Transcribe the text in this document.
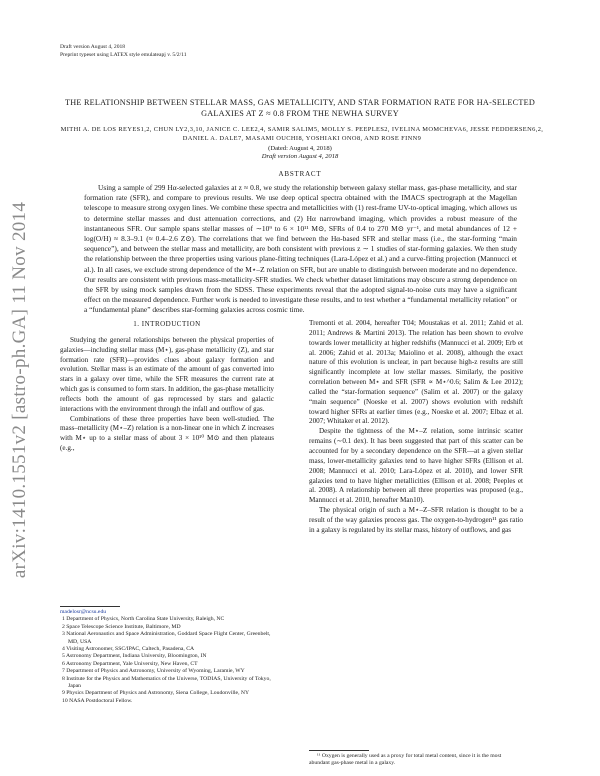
Draft version August 4, 2018
Preprint typeset using LATEX style emulateapj v. 5/2/11
arXiv:1410.1551v2 [astro-ph.GA] 11 Nov 2014
THE RELATIONSHIP BETWEEN STELLAR MASS, GAS METALLICITY, AND STAR FORMATION RATE FOR HΑ-SELECTED GALAXIES AT Z ≈ 0.8 FROM THE NEWHΑ SURVEY
MITHI A. DE LOS REYES1,2, CHUN LY2,3,10, JANICE C. LEE2,4, SAMIR SALIM5, MOLLY S. PEEPLES2, IVELINA MOMCHEVA6, JESSE FEDDERSEN6,2, DANIEL A. DALE7, MASAMI OUCHI8, YOSHIAKI ONO8, AND ROSE FINN9
(Dated: August 4, 2018)
Draft version August 4, 2018
ABSTRACT
Using a sample of 299 Hα-selected galaxies at z ≈ 0.8, we study the relationship between galaxy stellar mass, gas-phase metallicity, and star formation rate (SFR), and compare to previous results. We use deep optical spectra obtained with the IMACS spectrograph at the Magellan telescope to measure strong oxygen lines. We combine these spectra and metallicities with (1) rest-frame UV-to-optical imaging, which allows us to determine stellar masses and dust attenuation corrections, and (2) Hα narrowband imaging, which provides a robust measure of the instantaneous SFR. Our sample spans stellar masses of ∼10⁹ to 6 × 10¹¹ M⊙, SFRs of 0.4 to 270 M⊙ yr⁻¹, and metal abundances of 12 + log(O/H) ≈ 8.3–9.1 (≈ 0.4–2.6 Z⊙). The correlations that we find between the Hα-based SFR and stellar mass (i.e., the star-forming “main sequence”), and between the stellar mass and metallicity, are both consistent with previous z ∼ 1 studies of star-forming galaxies. We then study the relationship between the three properties using various plane-fitting techniques (Lara-López et al.) and a curve-fitting projection (Mannucci et al.). In all cases, we exclude strong dependence of the M⋆–Z relation on SFR, but are unable to distinguish between moderate and no dependence. Our results are consistent with previous mass-metallicity-SFR studies. We check whether dataset limitations may obscure a strong dependence on the SFR by using mock samples drawn from the SDSS. These experiments reveal that the adopted signal-to-noise cuts may have a significant effect on the measured dependence. Further work is needed to investigate these results, and to test whether a “fundamental metallicity relation” or a “fundamental plane” describes star-forming galaxies across cosmic time.
1. INTRODUCTION

Studying the general relationships between the physical properties of galaxies—including stellar mass (M⋆), gas-phase metallicity (Z), and star formation rate (SFR)—provides clues about galaxy formation and evolution. Stellar mass is an estimate of the amount of gas converted into stars in a galaxy over time, while the SFR measures the current rate at which gas is consumed to form stars. In addition, the gas-phase metallicity reflects both the amount of gas reprocessed by stars and galactic interactions with the environment through the infall and outflow of gas.

Combinations of these three properties have been well-studied. The mass–metallicity (M⋆–Z) relation is a non-linear one in which Z increases with M⋆ up to a stellar mass of about 3 × 10¹⁰ M⊙ and then plateaus (e.g.,

madelosr@ncsu.edu
1 Department of Physics, North Carolina State University, Raleigh, NC
2 Space Telescope Science Institute, Baltimore, MD
3 National Aeronautics and Space Administration, Goddard Space Flight Center, Greenbelt, MD, USA
4 Visiting Astronomer, SSC/IPAC, Caltech, Pasadena, CA
5 Astronomy Department, Indiana University, Bloomington, IN
6 Astronomy Department, Yale University, New Haven, CT
7 Department of Physics and Astronomy, University of Wyoming, Laramie, WY
8 Institute for the Physics and Mathematics of the Universe, TODIAS, University of Tokyo, Japan
9 Physics Department of Physics and Astronomy, Siena College, Loudonville, NY
10 NASA Postdoctoral Fellow.

Tremonti et al. 2004, hereafter T04; Moustakas et al. 2011; Zahid et al. 2011; Andrews & Martini 2013). The relation has been shown to evolve towards lower metallicity at higher redshifts (Mannucci et al. 2009; Erb et al. 2006; Zahid et al. 2013a; Maiolino et al. 2008), although the exact nature of this evolution is unclear, in part because high-z results are still significantly incomplete at low stellar masses. Similarly, the positive correlation between M⋆ and SFR (SFR ∝ M⋆^0.6; Salim & Lee 2012); called the “star-formation sequence” (Salim et al. 2007) or the galaxy “main sequence” (Noeske et al. 2007) shows evolution with redshift toward higher SFRs at earlier times (e.g., Noeske et al. 2007; Elbaz et al. 2007; Whitaker et al. 2012).

Despite the tightness of the M⋆–Z relation, some intrinsic scatter remains (∼0.1 dex). It has been suggested that part of this scatter can be accounted for by a secondary dependence on the SFR—at a given stellar mass, lower-metallicity galaxies tend to have higher SFRs (Ellison et al. 2008; Mannucci et al. 2010; Lara-López et al. 2010), and lower SFR galaxies tend to have higher metallicities (Ellison et al. 2008; Peeples et al. 2008). A relationship between all three properties was proposed (e.g., Mannucci et al. 2010, hereafter Man10).

The physical origin of such a M⋆–Z–SFR relation is thought to be a result of the way galaxies process gas. The oxygen-to-hydrogen¹¹ gas ratio in a galaxy is regulated by its stellar mass, history of outflows, and gas

¹¹ Oxygen is generally used as a proxy for total metal content, since it is the most abundant gas-phase metal in a galaxy.
